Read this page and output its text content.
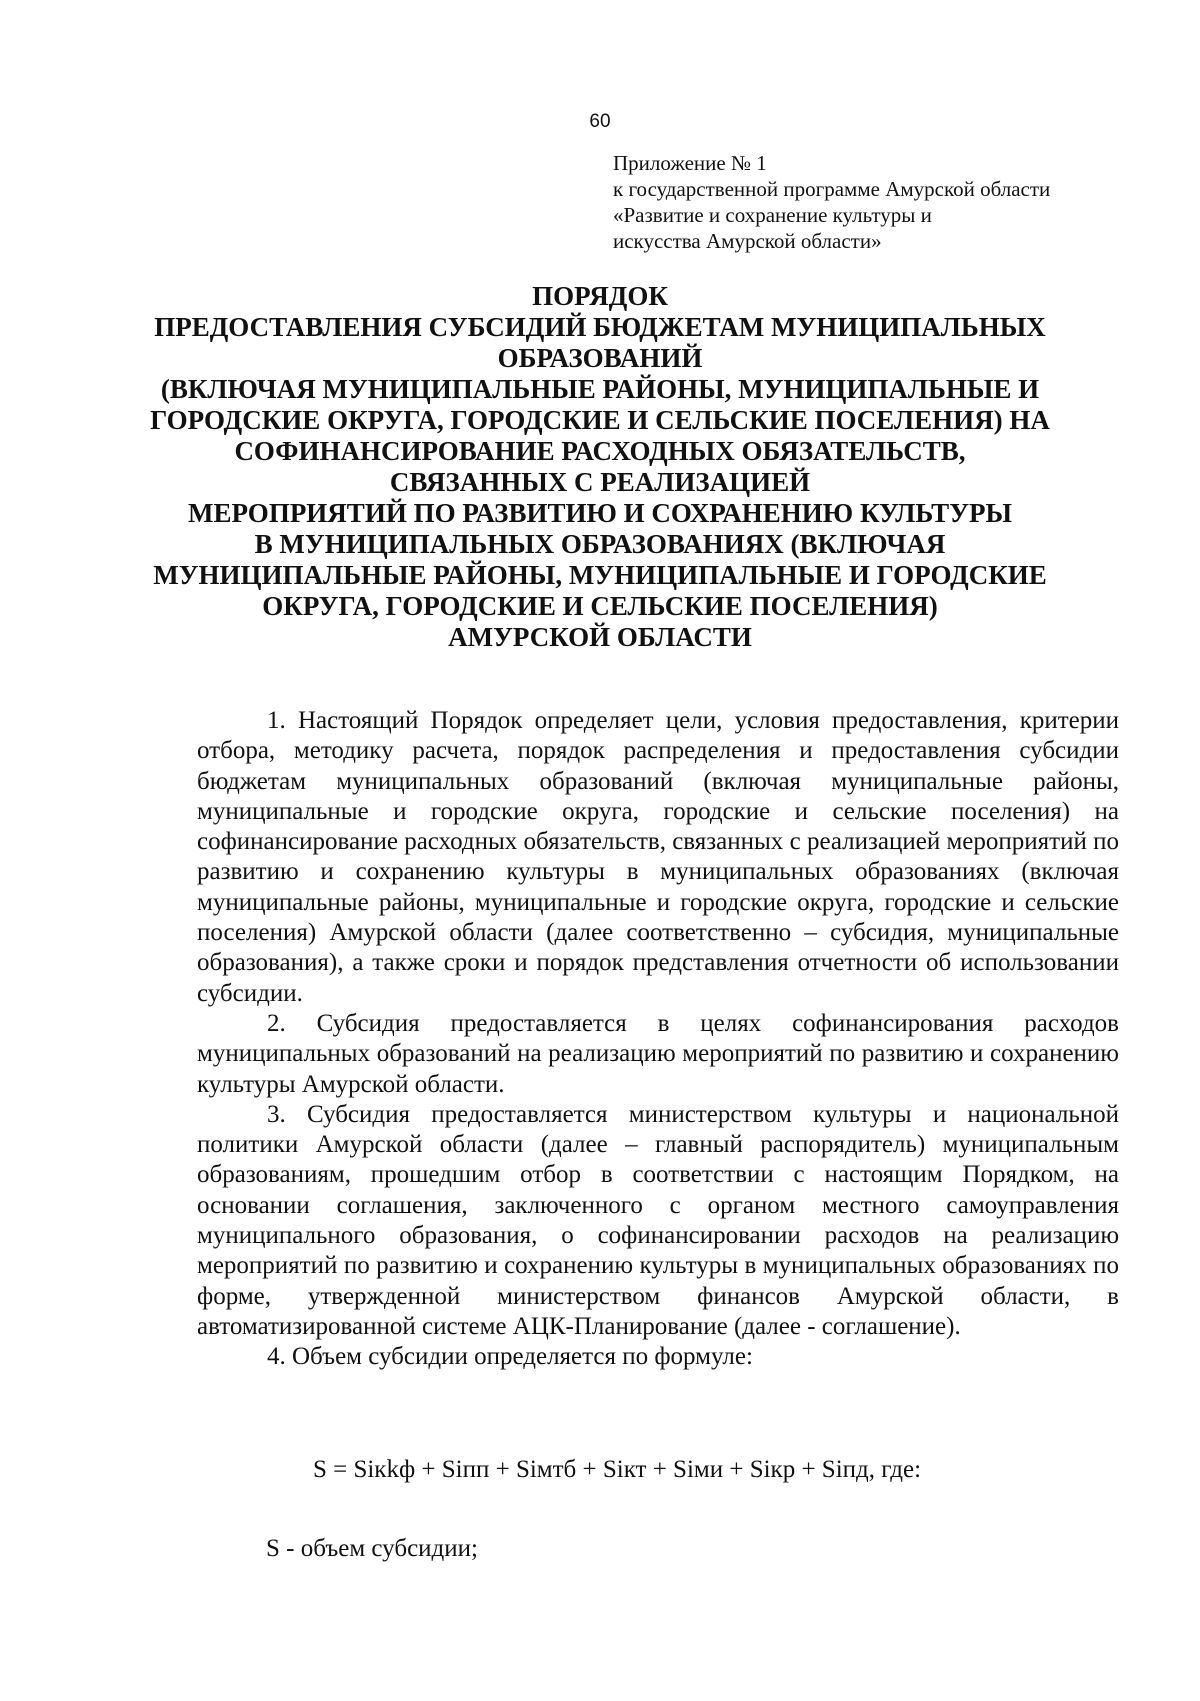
60
Приложение № 1
к государственной программе Амурской области
«Развитие и сохранение культуры и
искусства Амурской области»
ПОРЯДОК
ПРЕДОСТАВЛЕНИЯ СУБСИДИЙ БЮДЖЕТАМ МУНИЦИПАЛЬНЫХ
ОБРАЗОВАНИЙ
(ВКЛЮЧАЯ МУНИЦИПАЛЬНЫЕ РАЙОНЫ, МУНИЦИПАЛЬНЫЕ И
ГОРОДСКИЕ ОКРУГА, ГОРОДСКИЕ И СЕЛЬСКИЕ ПОСЕЛЕНИЯ) НА
СОФИНАНСИРОВАНИЕ РАСХОДНЫХ ОБЯЗАТЕЛЬСТВ,
СВЯЗАННЫХ С РЕАЛИЗАЦИЕЙ
МЕРОПРИЯТИЙ ПО РАЗВИТИЮ И СОХРАНЕНИЮ КУЛЬТУРЫ
В МУНИЦИПАЛЬНЫХ ОБРАЗОВАНИЯХ (ВКЛЮЧАЯ
МУНИЦИПАЛЬНЫЕ РАЙОНЫ, МУНИЦИПАЛЬНЫЕ И ГОРОДСКИЕ
ОКРУГА, ГОРОДСКИЕ И СЕЛЬСКИЕ ПОСЕЛЕНИЯ)
АМУРСКОЙ ОБЛАСТИ

1. Настоящий Порядок определяет цели, условия предоставления, критерии отбора, методику расчета, порядок распределения и предоставления субсидии бюджетам муниципальных образований (включая муниципальные районы, муниципальные и городские округа, городские и сельские поселения) на софинансирование расходных обязательств, связанных с реализацией мероприятий по развитию и сохранению культуры в муниципальных образованиях (включая муниципальные районы, муниципальные и городские округа, городские и сельские поселения) Амурской области (далее соответственно – субсидия, муниципальные образования), а также сроки и порядок представления отчетности об использовании субсидии.

2. Субсидия предоставляется в целях софинансирования расходов муниципальных образований на реализацию мероприятий по развитию и сохранению культуры Амурской области.

3. Субсидия предоставляется министерством культуры и национальной политики Амурской области (далее – главный распорядитель) муниципальным образованиям, прошедшим отбор в соответствии с настоящим Порядком, на основании соглашения, заключенного с органом местного самоуправления муниципального образования, о софинансировании расходов на реализацию мероприятий по развитию и сохранению культуры в муниципальных образованиях по форме, утвержденной министерством финансов Амурской области, в автоматизированной системе АЦК-Планирование (далее - соглашение).

4. Объем субсидии определяется по формуле:

S = Siкkф + Siпп + Siмтб + Siкт + Siми + Siкр + Siпд, где:
S - объем субсидии;
